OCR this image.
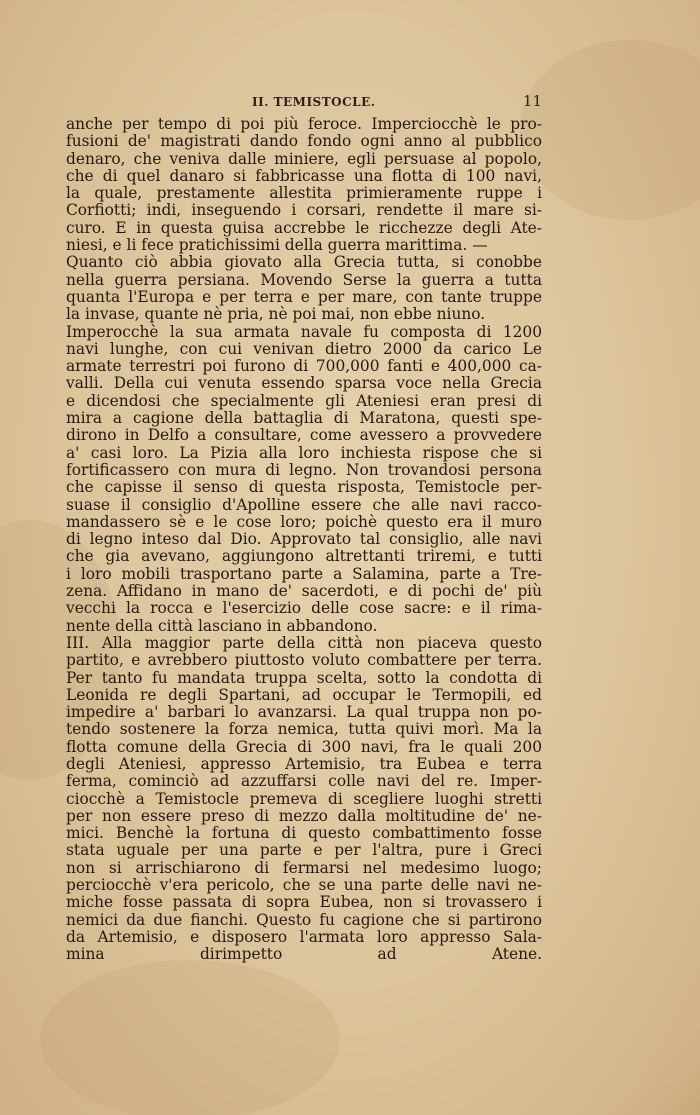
II. TEMISTOCLE.	11
anche per tempo di poi più feroce. Imperciocchè le pro-
fusioni de' magistrati dando fondo ogni anno al pubblico
denaro, che veniva dalle miniere, egli persuase al popolo,
che di quel danaro si fabbricasse una flotta di 100 navi,
la quale, prestamente allestita primieramente ruppe i
Corfiotti; indi, inseguendo i corsari, rendette il mare si-
curo. E in questa guisa accrebbe le ricchezze degli Ate-
niesi, e li fece pratichissimi della guerra marittima. —
Quanto ciò abbia giovato alla Grecia tutta, si conobbe
nella guerra persiana. Movendo Serse la guerra a tutta
quanta l'Europa e per terra e per mare, con tante truppe
la invase, quante nè pria, nè poi mai, non ebbe niuno.
Imperocchè la sua armata navale fu composta di 1200
navi lunghe, con cui venivan dietro 2000 da carico Le
armate terrestri poi furono di 700,000 fanti e 400,000 ca-
valli. Della cui venuta essendo sparsa voce nella Grecia
e dicendosi che specialmente gli Ateniesi eran presi di
mira a cagione della battaglia di Maratona, questi spe-
dirono in Delfo a consultare, come avessero a provvedere
a' casi loro. La Pizia alla loro inchiesta rispose che si
fortificassero con mura di legno. Non trovandosi persona
che capisse il senso di questa risposta, Temistocle per-
suase il consiglio d'Apolline essere che alle navi racco-
mandassero sè e le cose loro; poichè questo era il muro
di legno inteso dal Dio. Approvato tal consiglio, alle navi
che gia avevano, aggiungono altrettanti triremi, e tutti
i loro mobili trasportano parte a Salamina, parte a Tre-
zena. Affidano in mano de' sacerdoti, e di pochi de' più
vecchi la rocca e l'esercizio delle cose sacre: e il rima-
nente della città lasciano in abbandono.
III. Alla maggior parte della città non piaceva questo
partito, e avrebbero piuttosto voluto combattere per terra.
Per tanto fu mandata truppa scelta, sotto la condotta di
Leonida re degli Spartani, ad occupar le Termopili, ed
impedire a' barbari lo avanzarsi. La qual truppa non po-
tendo sostenere la forza nemica, tutta quivi morì. Ma la
flotta comune della Grecia di 300 navi, fra le quali 200
degli Ateniesi, appresso Artemisio, tra Eubea e terra
ferma, cominciò ad azzuffarsi colle navi del re. Imper-
ciocchè a Temistocle premeva di scegliere luoghi stretti
per non essere preso di mezzo dalla moltitudine de' ne-
mici. Benchè la fortuna di questo combattimento fosse
stata uguale per una parte e per l'altra, pure i Greci
non si arrischiarono di fermarsi nel medesimo luogo;
perciocchè v'era pericolo, che se una parte delle navi ne-
miche fosse passata di sopra Eubea, non si trovassero i
nemici da due fianchi. Questo fu cagione che si partirono
da Artemisio, e disposero l'armata loro appresso Sala-
mina dirimpetto ad Atene.
